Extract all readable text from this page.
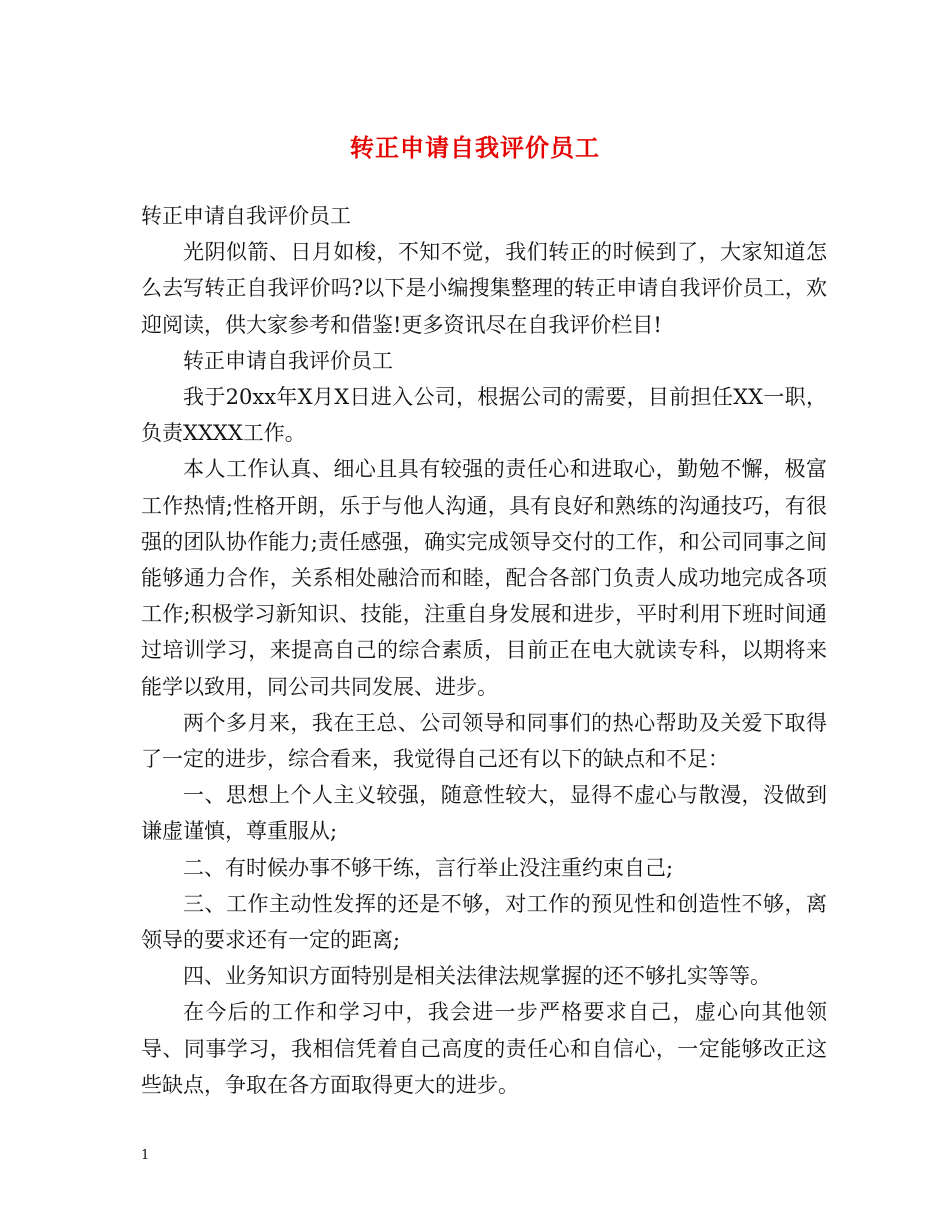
转正申请自我评价员工

转正申请自我评价员工

光阴似箭、日月如梭，不知不觉，我们转正的时候到了，大家知道怎么去写转正自我评价吗?以下是小编搜集整理的转正申请自我评价员工，欢迎阅读，供大家参考和借鉴!更多资讯尽在自我评价栏目!

转正申请自我评价员工

我于20xx年X月X日进入公司，根据公司的需要，目前担任XX一职，负责XXXX工作。

本人工作认真、细心且具有较强的责任心和进取心，勤勉不懈，极富工作热情;性格开朗，乐于与他人沟通，具有良好和熟练的沟通技巧，有很强的团队协作能力;责任感强，确实完成领导交付的工作，和公司同事之间能够通力合作，关系相处融洽而和睦，配合各部门负责人成功地完成各项工作;积极学习新知识、技能，注重自身发展和进步，平时利用下班时间通过培训学习，来提高自己的综合素质，目前正在电大就读专科，以期将来能学以致用，同公司共同发展、进步。

两个多月来，我在王总、公司领导和同事们的热心帮助及关爱下取得了一定的进步，综合看来，我觉得自己还有以下的缺点和不足：

一、思想上个人主义较强，随意性较大，显得不虚心与散漫，没做到谦虚谨慎，尊重服从;

二、有时候办事不够干练，言行举止没注重约束自己;

三、工作主动性发挥的还是不够，对工作的预见性和创造性不够，离领导的要求还有一定的距离;

四、业务知识方面特别是相关法律法规掌握的还不够扎实等等。

在今后的工作和学习中，我会进一步严格要求自己，虚心向其他领导、同事学习，我相信凭着自己高度的责任心和自信心，一定能够改正这些缺点，争取在各方面取得更大的进步。

1
